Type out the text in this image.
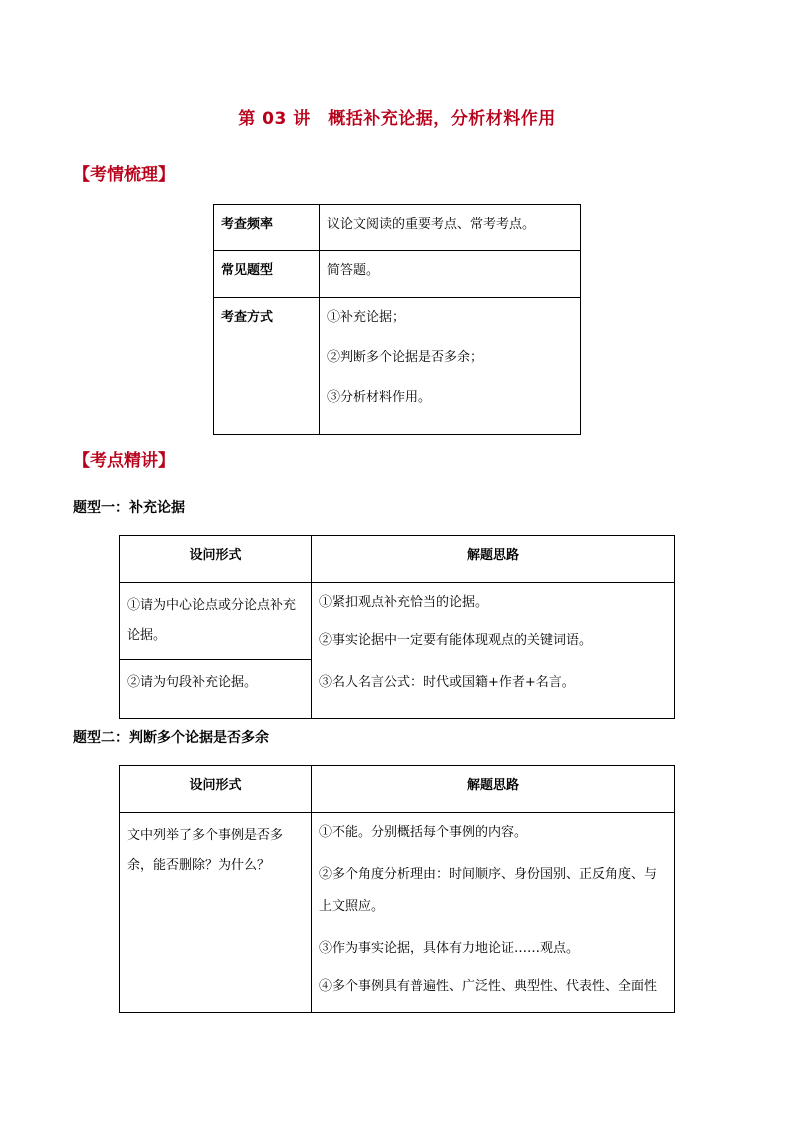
第 03 讲　概括补充论据，分析材料作用
【考情梳理】
考查频率	议论文阅读的重要考点、常考考点。

常见题型	简答题。

考查方式	①补充论据；

②判断多个论据是否多余；

③分析材料作用。

【考点精讲】
题型一：补充论据
设问形式	解题思路
①请为中心论点或分论点补充论据。	①紧扣观点补充恰当的论据。

②事实论据中一定要有能体现观点的关键词语。

③名人名言公式：时代或国籍+作者+名言。

②请为句段补充论据。	
题型二：判断多个论据是否多余
设问形式	解题思路
文中列举了多个事例是否多余，能否删除？为什么？	①不能。分别概括每个事例的内容。

②多个角度分析理由：时间顺序、身份国别、正反角度、与上文照应。

③作为事实论据，具体有力地论证……观点。

④多个事例具有普遍性、广泛性、典型性、代表性、全面性
